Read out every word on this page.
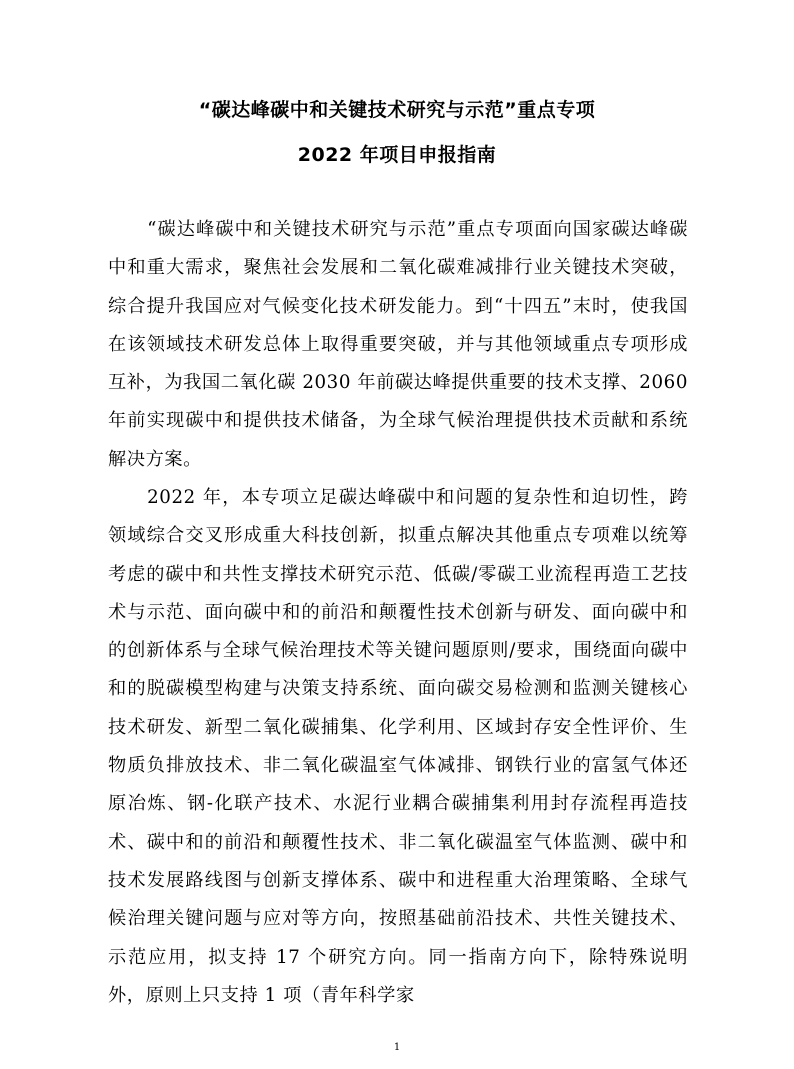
“碳达峰碳中和关键技术研究与示范”重点专项
2022 年项目申报指南

“碳达峰碳中和关键技术研究与示范”重点专项面向国家碳达峰碳中和重大需求，聚焦社会发展和二氧化碳难减排行业关键技术突破，综合提升我国应对气候变化技术研发能力。到“十四五”末时，使我国在该领域技术研发总体上取得重要突破，并与其他领域重点专项形成互补，为我国二氧化碳 2030 年前碳达峰提供重要的技术支撑、2060 年前实现碳中和提供技术储备，为全球气候治理提供技术贡献和系统解决方案。

2022 年，本专项立足碳达峰碳中和问题的复杂性和迫切性，跨领域综合交叉形成重大科技创新，拟重点解决其他重点专项难以统筹考虑的碳中和共性支撑技术研究示范、低碳/零碳工业流程再造工艺技术与示范、面向碳中和的前沿和颠覆性技术创新与研发、面向碳中和的创新体系与全球气候治理技术等关键问题原则/要求，围绕面向碳中和的脱碳模型构建与决策支持系统、面向碳交易检测和监测关键核心技术研发、新型二氧化碳捕集、化学利用、区域封存安全性评价、生物质负排放技术、非二氧化碳温室气体减排、钢铁行业的富氢气体还原冶炼、钢-化联产技术、水泥行业耦合碳捕集利用封存流程再造技术、碳中和的前沿和颠覆性技术、非二氧化碳温室气体监测、碳中和技术发展路线图与创新支撑体系、碳中和进程重大治理策略、全球气候治理关键问题与应对等方向，按照基础前沿技术、共性关键技术、示范应用，拟支持 17 个研究方向。同一指南方向下，除特殊说明外，原则上只支持 1 项（青年科学家

1
